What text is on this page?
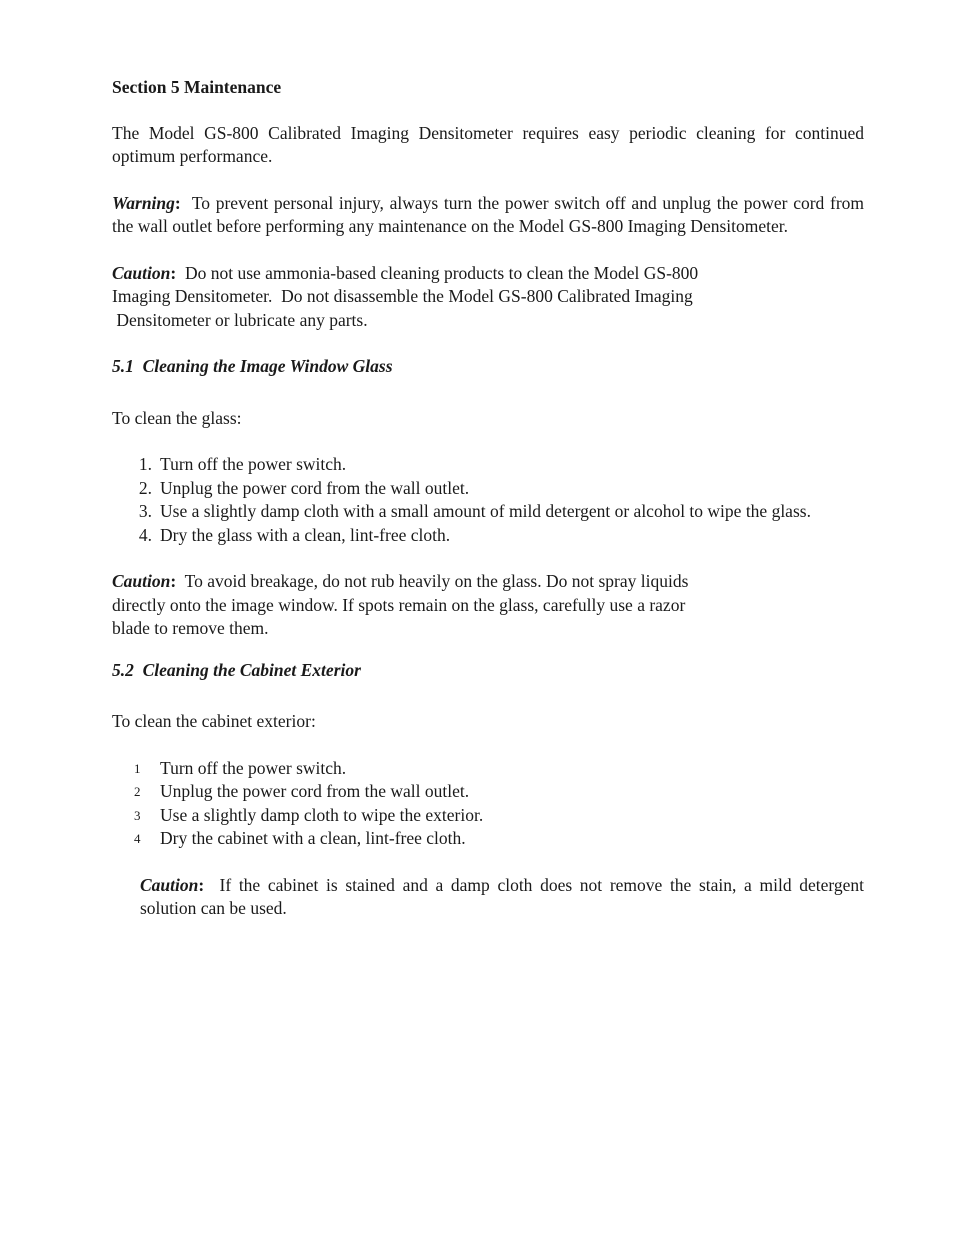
Section 5 Maintenance

The Model GS-800 Calibrated Imaging Densitometer requires easy periodic cleaning for continued optimum performance.

Warning: To prevent personal injury, always turn the power switch off and unplug the power cord from the wall outlet before performing any maintenance on the Model GS-800 Imaging Densitometer.

Caution: Do not use ammonia-based cleaning products to clean the Model GS-800

Imaging Densitometer.  Do not disassemble the Model GS-800 Calibrated Imaging

Densitometer or lubricate any parts.

5.1  Cleaning the Image Window Glass

To clean the glass:

1. Turn off the power switch.
2. Unplug the power cord from the wall outlet.
3. Use a slightly damp cloth with a small amount of mild detergent or alcohol to wipe the glass.
4. Dry the glass with a clean, lint-free cloth.

Caution: To avoid breakage, do not rub heavily on the glass. Do not spray liquids

directly onto the image window. If spots remain on the glass, carefully use a razor

blade to remove them.

5.2  Cleaning the Cabinet Exterior

To clean the cabinet exterior:

1	Turn off the power switch.
2	Unplug the power cord from the wall outlet.
3	Use a slightly damp cloth to wipe the exterior.
4	Dry the cabinet with a clean, lint-free cloth.

Caution: If the cabinet is stained and a damp cloth does not remove the stain, a mild detergent solution can be used.
